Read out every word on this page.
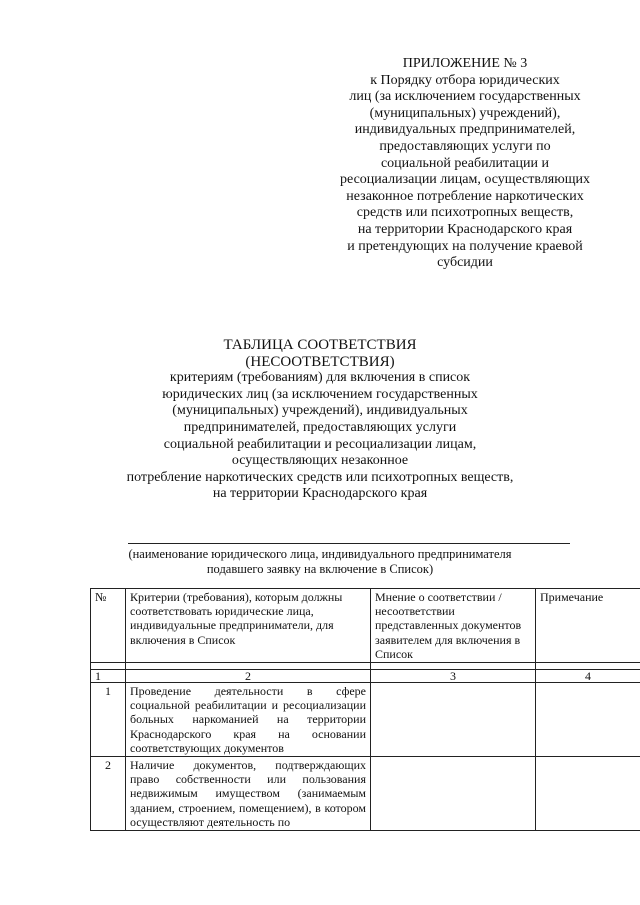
ПРИЛОЖЕНИЕ № 3
к Порядку отбора юридических
лиц (за исключением государственных
(муниципальных) учреждений),
индивидуальных предпринимателей,
предоставляющих услуги по
социальной реабилитации и
ресоциализации лицам, осуществляющих
незаконное потребление наркотических
средств или психотропных веществ,
на территории Краснодарского края
и претендующих на получение краевой
субсидии
ТАБЛИЦА СООТВЕТСТВИЯ
(НЕСООТВЕТСТВИЯ)
критериям (требованиям) для включения в список
юридических лиц (за исключением государственных
(муниципальных) учреждений), индивидуальных
предпринимателей, предоставляющих услуги
социальной реабилитации и ресоциализации лицам,
осуществляющих незаконное
потребление наркотических средств или психотропных веществ,
на территории Краснодарского края
(наименование юридического лица, индивидуального предпринимателя
подавшего заявку на включение в Список)
№	Критерии (требования), которым должны соответствовать юридические лица, индивидуальные предприниматели, для включения в Список	Мнение о соответствии /несоответствии представленных документов заявителем для включения в Список	Примечание

1	2	3	4
1	Проведение деятельности в сфере социальной реабилитации и ресоциализации больных наркоманией на территории Краснодарского края на основании соответствующих документов		
2	Наличие документов, подтверждающих право собственности или пользования недвижимым имуществом (занимаемым зданием, строением, помещением), в котором осуществляют деятельность по		
